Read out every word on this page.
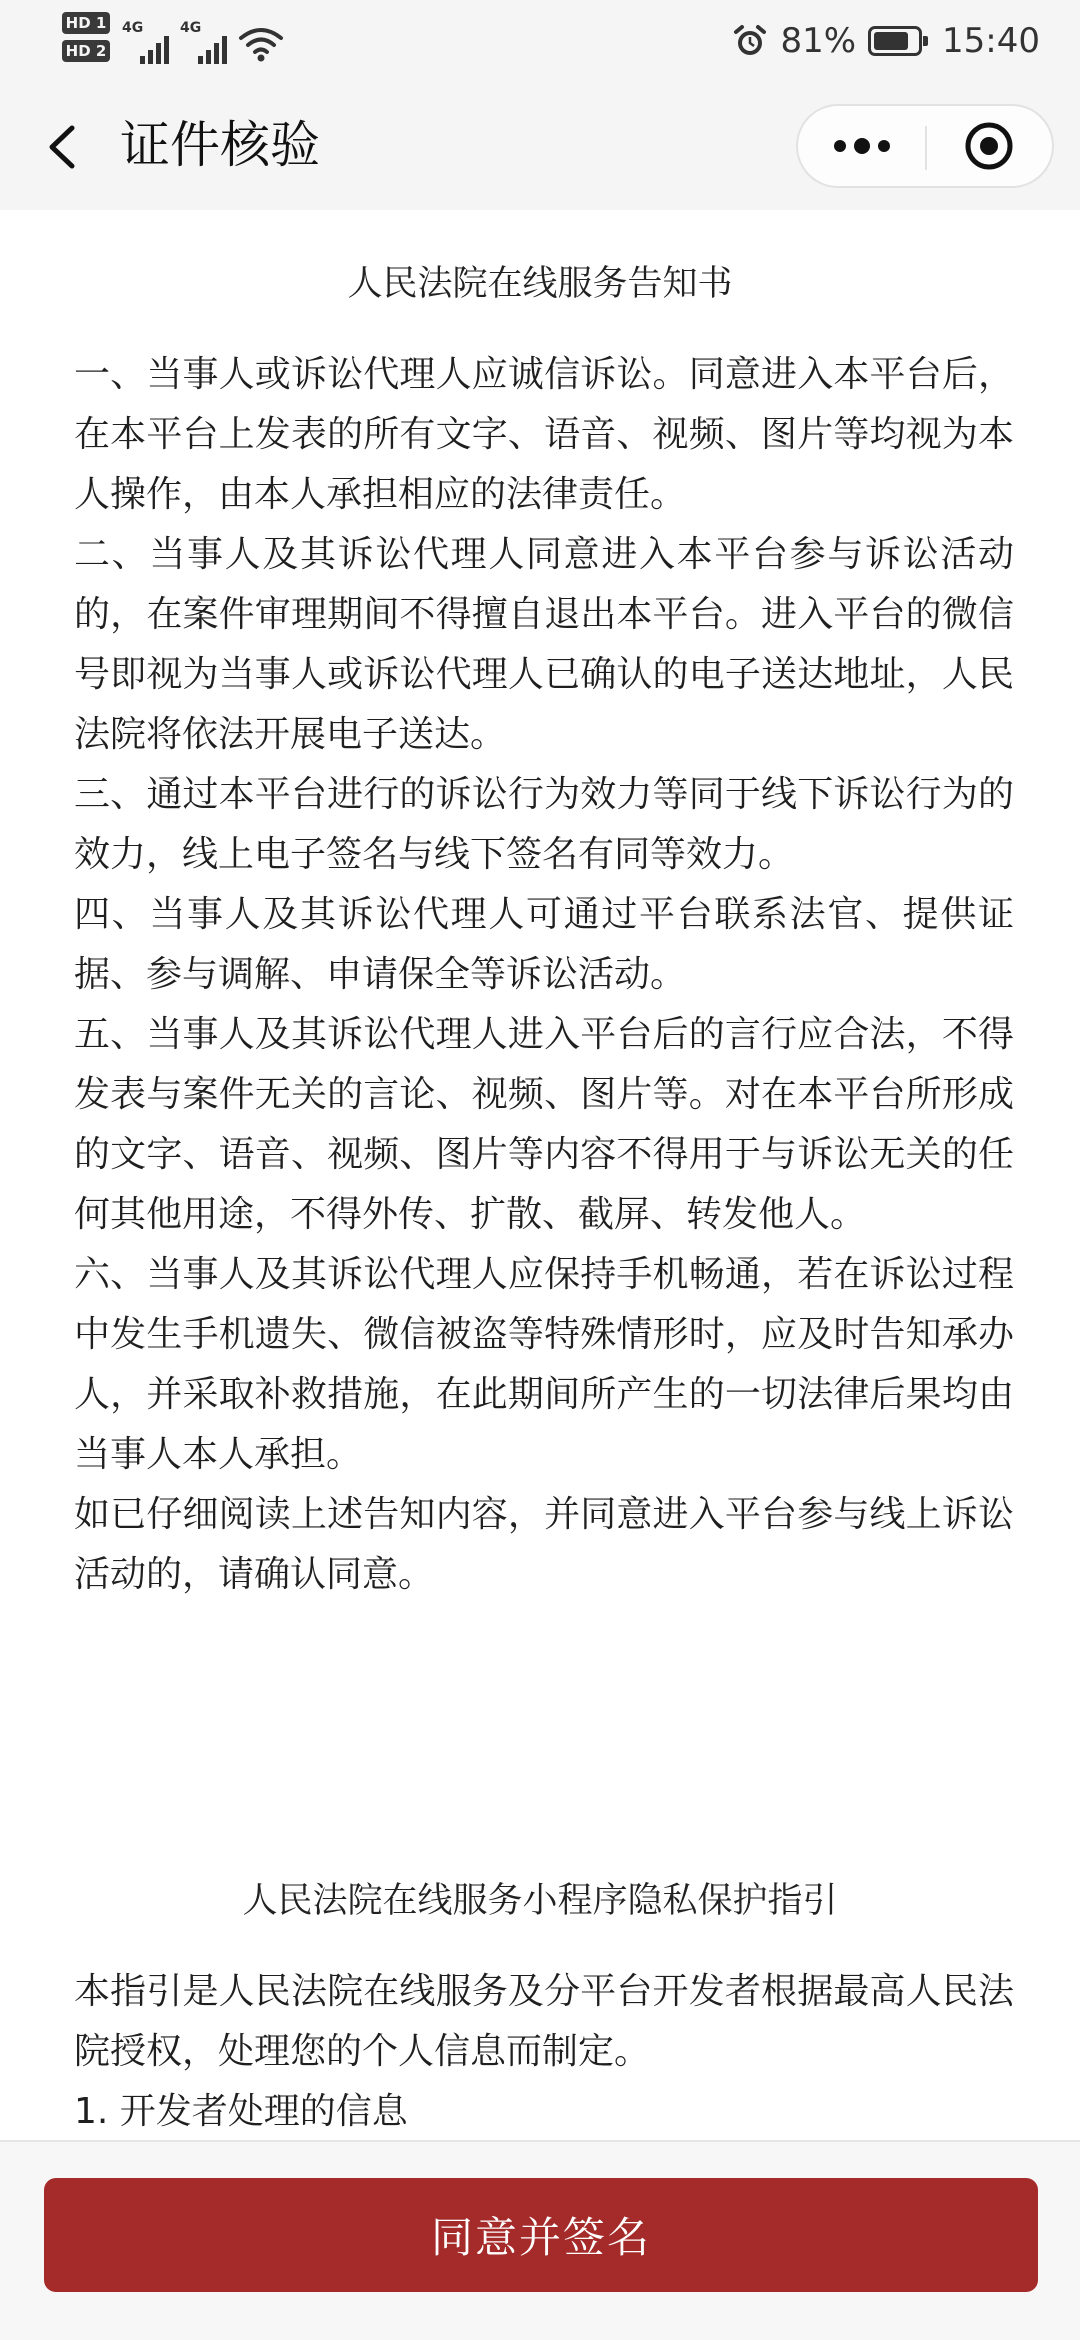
HD 1
HD 2
4G	4G	81%	15:40
证件核验
人民法院在线服务告知书

一、当事人或诉讼代理人应诚信诉讼。同意进入本平台后，在本平台上发表的所有文字、语音、视频、图片等均视为本人操作，由本人承担相应的法律责任。

二、当事人及其诉讼代理人同意进入本平台参与诉讼活动的，在案件审理期间不得擅自退出本平台。进入平台的微信号即视为当事人或诉讼代理人已确认的电子送达地址，人民法院将依法开展电子送达。

三、通过本平台进行的诉讼行为效力等同于线下诉讼行为的效力，线上电子签名与线下签名有同等效力。

四、当事人及其诉讼代理人可通过平台联系法官、提供证据、参与调解、申请保全等诉讼活动。

五、当事人及其诉讼代理人进入平台后的言行应合法，不得发表与案件无关的言论、视频、图片等。对在本平台所形成的文字、语音、视频、图片等内容不得用于与诉讼无关的任何其他用途，不得外传、扩散、截屏、转发他人。

六、当事人及其诉讼代理人应保持手机畅通，若在诉讼过程中发生手机遗失、微信被盗等特殊情形时，应及时告知承办人，并采取补救措施，在此期间所产生的一切法律后果均由当事人本人承担。

如已仔细阅读上述告知内容，并同意进入平台参与线上诉讼活动的，请确认同意。

人民法院在线服务小程序隐私保护指引

本指引是人民法院在线服务及分平台开发者根据最高人民法院授权，处理您的个人信息而制定。

1. 开发者处理的信息

同意并签名
